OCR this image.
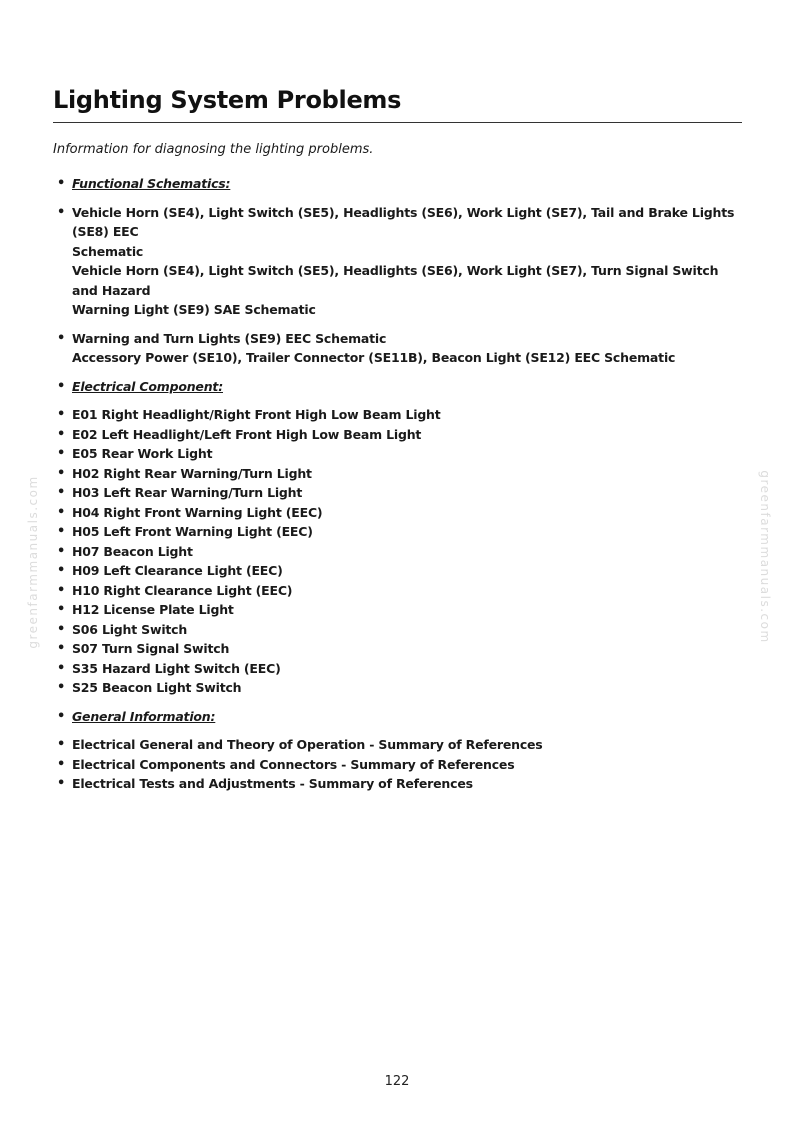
Lighting System Problems

Information for diagnosing the lighting problems.

• Functional Schematics:
• Vehicle Horn (SE4), Light Switch (SE5), Headlights (SE6), Work Light (SE7), Tail and Brake Lights (SE8) EEC
Schematic
Vehicle Horn (SE4), Light Switch (SE5), Headlights (SE6), Work Light (SE7), Turn Signal Switch and Hazard
Warning Light (SE9) SAE Schematic
• Warning and Turn Lights (SE9) EEC Schematic
Accessory Power (SE10), Trailer Connector (SE11B), Beacon Light (SE12) EEC Schematic
• Electrical Component:
• E01 Right Headlight/Right Front High Low Beam Light
• E02 Left Headlight/Left Front High Low Beam Light
• E05 Rear Work Light
• H02 Right Rear Warning/Turn Light
• H03 Left Rear Warning/Turn Light
• H04 Right Front Warning Light (EEC)
• H05 Left Front Warning Light (EEC)
• H07 Beacon Light
• H09 Left Clearance Light (EEC)
• H10 Right Clearance Light (EEC)
• H12 License Plate Light
• S06 Light Switch
• S07 Turn Signal Switch
• S35 Hazard Light Switch (EEC)
• S25 Beacon Light Switch
• General Information:
• Electrical General and Theory of Operation - Summary of References
• Electrical Components and Connectors - Summary of References
• Electrical Tests and Adjustments - Summary of References
greenfarmmanuals.com	greenfarmmanuals.com
122
